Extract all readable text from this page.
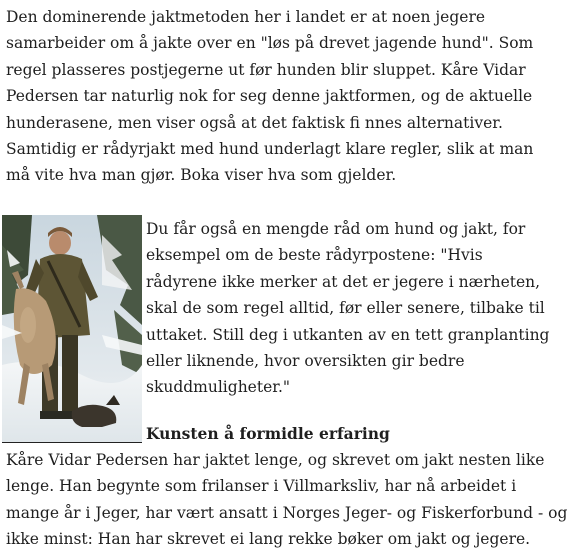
Den dominerende jaktmetoden her i landet er at noen jegere
samarbeider om å jakte over en "løs på drevet jagende hund". Som
regel plasseres postjegerne ut før hunden blir sluppet. Kåre Vidar
Pedersen tar naturlig nok for seg denne jaktformen, og de aktuelle
hunderasene, men viser også at det faktisk fi nnes alternativer.
Samtidig er rådyrjakt med hund underlagt klare regler, slik at man
må vite hva man gjør. Boka viser hva som gjelder.

Du får også en mengde råd om hund og jakt, for
eksempel om de beste rådyrpostene: "Hvis
rådyrene ikke merker at det er jegere i nærheten,
skal de som regel alltid, før eller senere, tilbake til
uttaket. Still deg i utkanten av en tett granplanting
eller liknende, hvor oversikten gir bedre
skuddmuligheter."

Kunsten å formidle erfaring

Kåre Vidar Pedersen har jaktet lenge, og skrevet om jakt nesten like
lenge. Han begynte som frilanser i Villmarksliv, har nå arbeidet i
mange år i Jeger, har vært ansatt i Norges Jeger- og Fiskerforbund - og
ikke minst: Han har skrevet ei lang rekke bøker om jakt og jegere.
